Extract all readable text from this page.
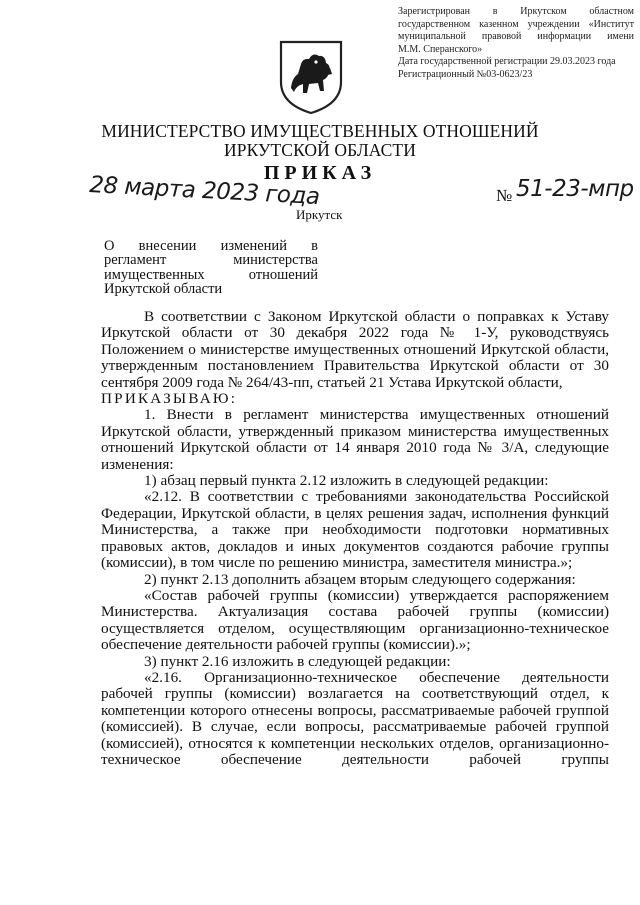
Зарегистрирован в Иркутском областном
государственном казенном учреждении «Институт
муниципальной правовой информации имени
М.М. Сперанского»
Дата государственной регистрации 29.03.2023 года
Регистрационный №03-0623/23
МИНИСТЕРСТВО ИМУЩЕСТВЕННЫХ ОТНОШЕНИЙ
ИРКУТСКОЙ ОБЛАСТИ
ПРИКАЗ
28 марта 2023 года	№ 51-23-мпр
Иркутск
О внесении изменений в
регламент министерства
имущественных отношений
Иркутской области

В соответствии с Законом Иркутской области о поправках к Уставу Иркутской области от 30 декабря 2022 года № 1-У, руководствуясь Положением о министерстве имущественных отношений Иркутской области, утвержденным постановлением Правительства Иркутской области от 30 сентября 2009 года № 264/43-пп, статьей 21 Устава Иркутской области,

ПРИКАЗЫВАЮ:

1. Внести в регламент министерства имущественных отношений Иркутской области, утвержденный приказом министерства имущественных отношений Иркутской области от 14 января 2010 года № 3/А, следующие изменения:

1) абзац первый пункта 2.12 изложить в следующей редакции:

«2.12. В соответствии с требованиями законодательства Российской Федерации, Иркутской области, в целях решения задач, исполнения функций Министерства, а также при необходимости подготовки нормативных правовых актов, докладов и иных документов создаются рабочие группы (комиссии), в том числе по решению министра, заместителя министра.»;

2) пункт 2.13 дополнить абзацем вторым следующего содержания:

«Состав рабочей группы (комиссии) утверждается распоряжением Министерства. Актуализация состава рабочей группы (комиссии) осуществляется отделом, осуществляющим организационно-техническое обеспечение деятельности рабочей группы (комиссии).»;

3) пункт 2.16 изложить в следующей редакции:

«2.16. Организационно-техническое обеспечение деятельности рабочей группы (комиссии) возлагается на соответствующий отдел, к компетенции которого отнесены вопросы, рассматриваемые рабочей группой (комиссией). В случае, если вопросы, рассматриваемые рабочей группой (комиссией), относятся к компетенции нескольких отделов, организационно-техническое обеспечение деятельности рабочей группы
